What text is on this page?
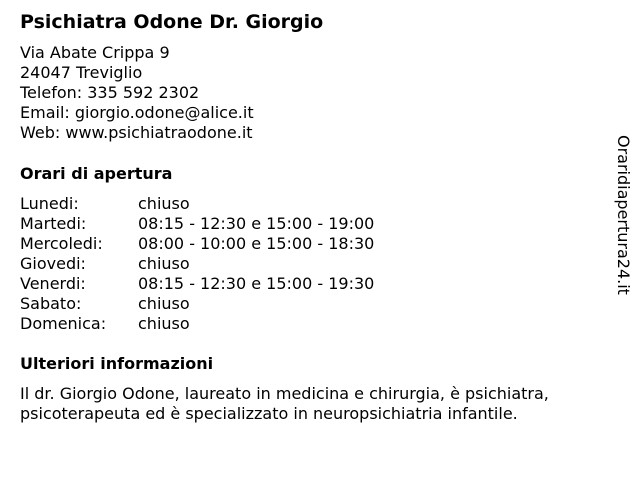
Psichiatra Odone Dr. Giorgio
Via Abate Crippa 9
24047 Treviglio
Telefon: 335 592 2302
Email: giorgio.odone@alice.it
Web: www.psichiatraodone.it
Orari di apertura
Lunedi:	chiuso
Martedi:	08:15 - 12:30 e 15:00 - 19:00
Mercoledi:	08:00 - 10:00 e 15:00 - 18:30
Giovedi:	chiuso
Venerdi:	08:15 - 12:30 e 15:00 - 19:30
Sabato:	chiuso
Domenica:	chiuso
Ulteriori informazioni
Il dr. Giorgio Odone, laureato in medicina e chirurgia, è psichiatra,
psicoterapeuta ed è specializzato in neuropsichiatria infantile.
Oraridiapertura24.it
